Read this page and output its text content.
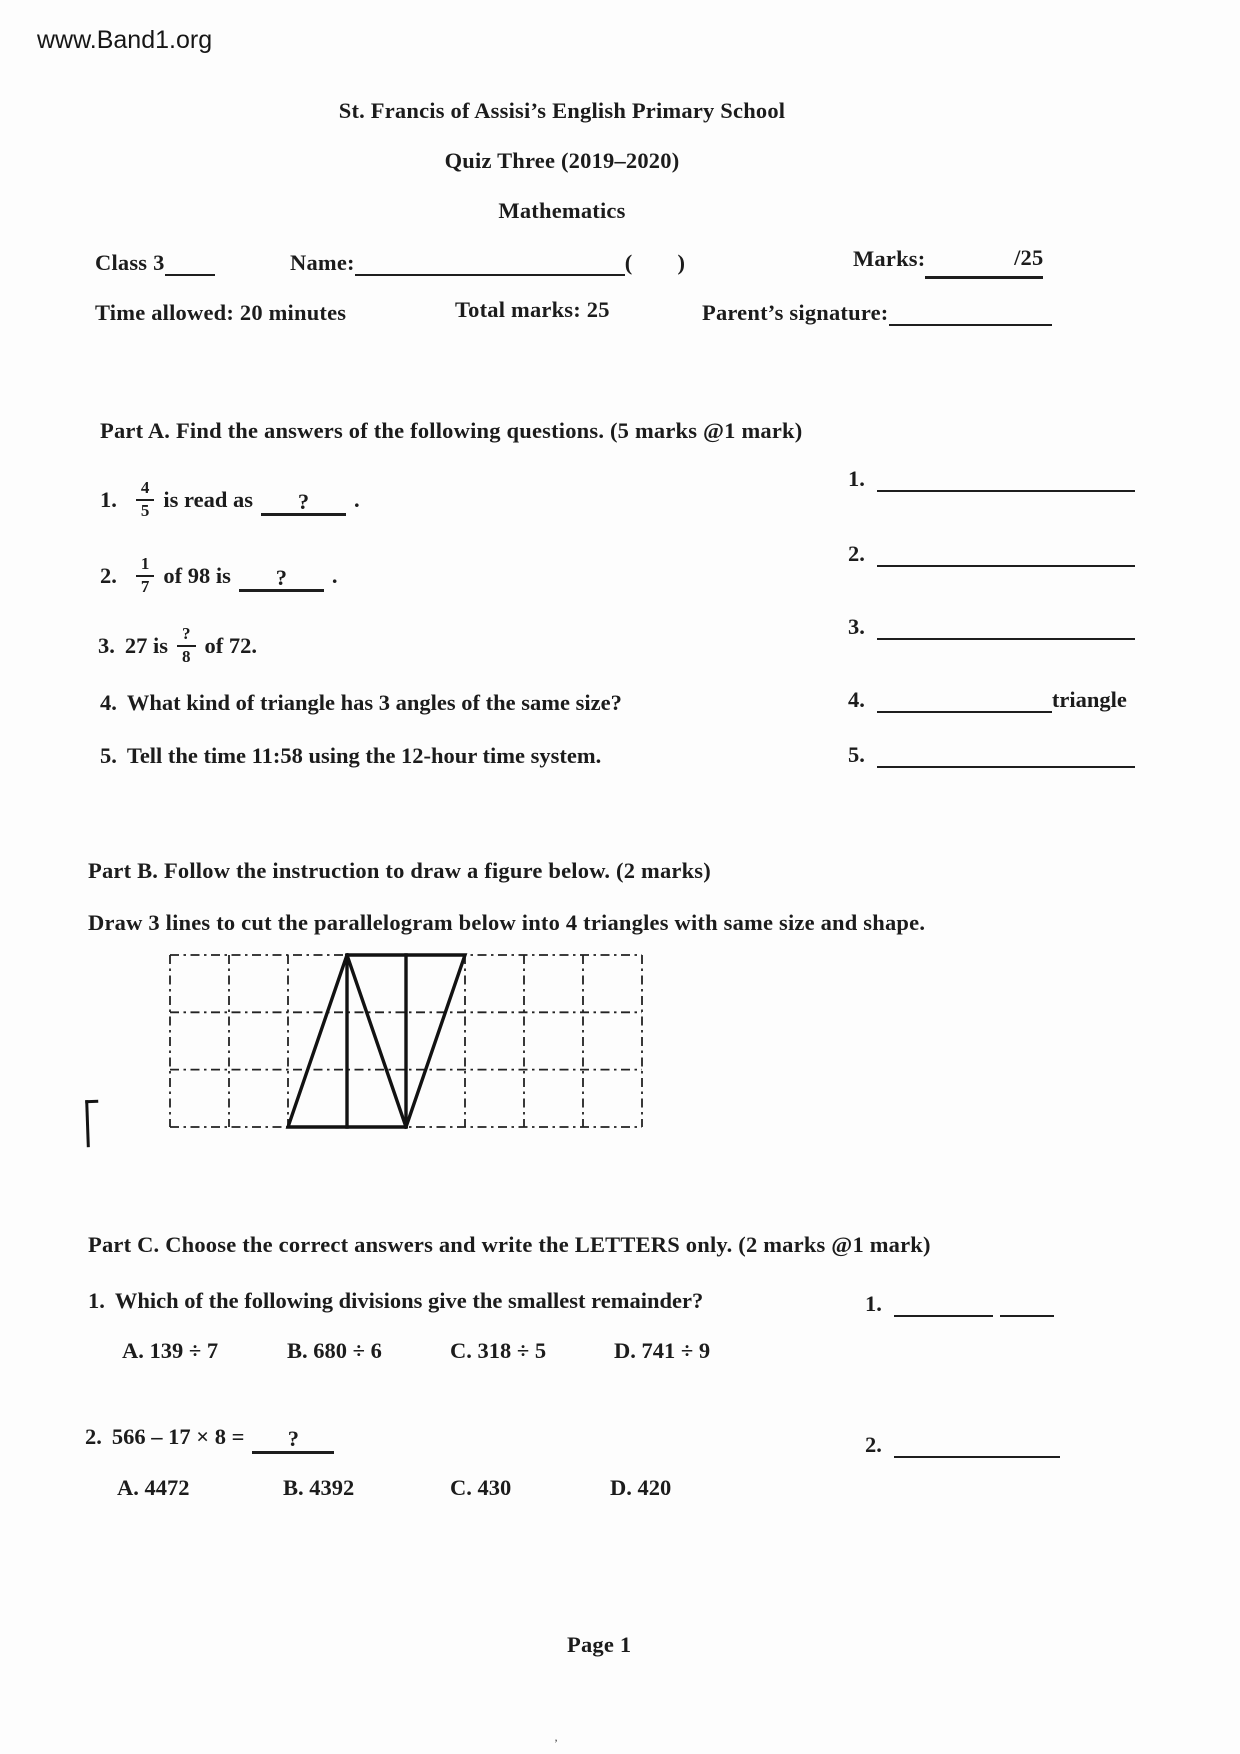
www.Band1.org
St. Francis of Assisi’s English Primary School
Quiz Three (2019–2020)
Mathematics
Class 3	Name:	( )	Marks:	/25
Time allowed: 20 minutes	Total marks: 25	Parent’s signature:
Part A. Find the answers of the following questions. (5 marks @1 mark)
1. $\frac{4}{5}$ is read as	?	.
2. $\frac{1}{7}$ of 98 is	?	.
3. 27 is $\frac{?}{8}$ of 72.
4. What kind of triangle has 3 angles of the same size?
5. Tell the time 11:58 using the 12-hour time system.
1.
2.
3.
4.	triangle
5.
Part B. Follow the instruction to draw a figure below. (2 marks)
Draw 3 lines to cut the parallelogram below into 4 triangles with same size and shape.
Part C. Choose the correct answers and write the LETTERS only. (2 marks @1 mark)
1. Which of the following divisions give the smallest remainder?	1.
A. 139 ÷ 7	B. 680 ÷ 6	C. 318 ÷ 5	D. 741 ÷ 9
2. 566 – 17 × 8 =	?	2.
A. 4472	B. 4392	C. 430	D. 420
Page 1
’
